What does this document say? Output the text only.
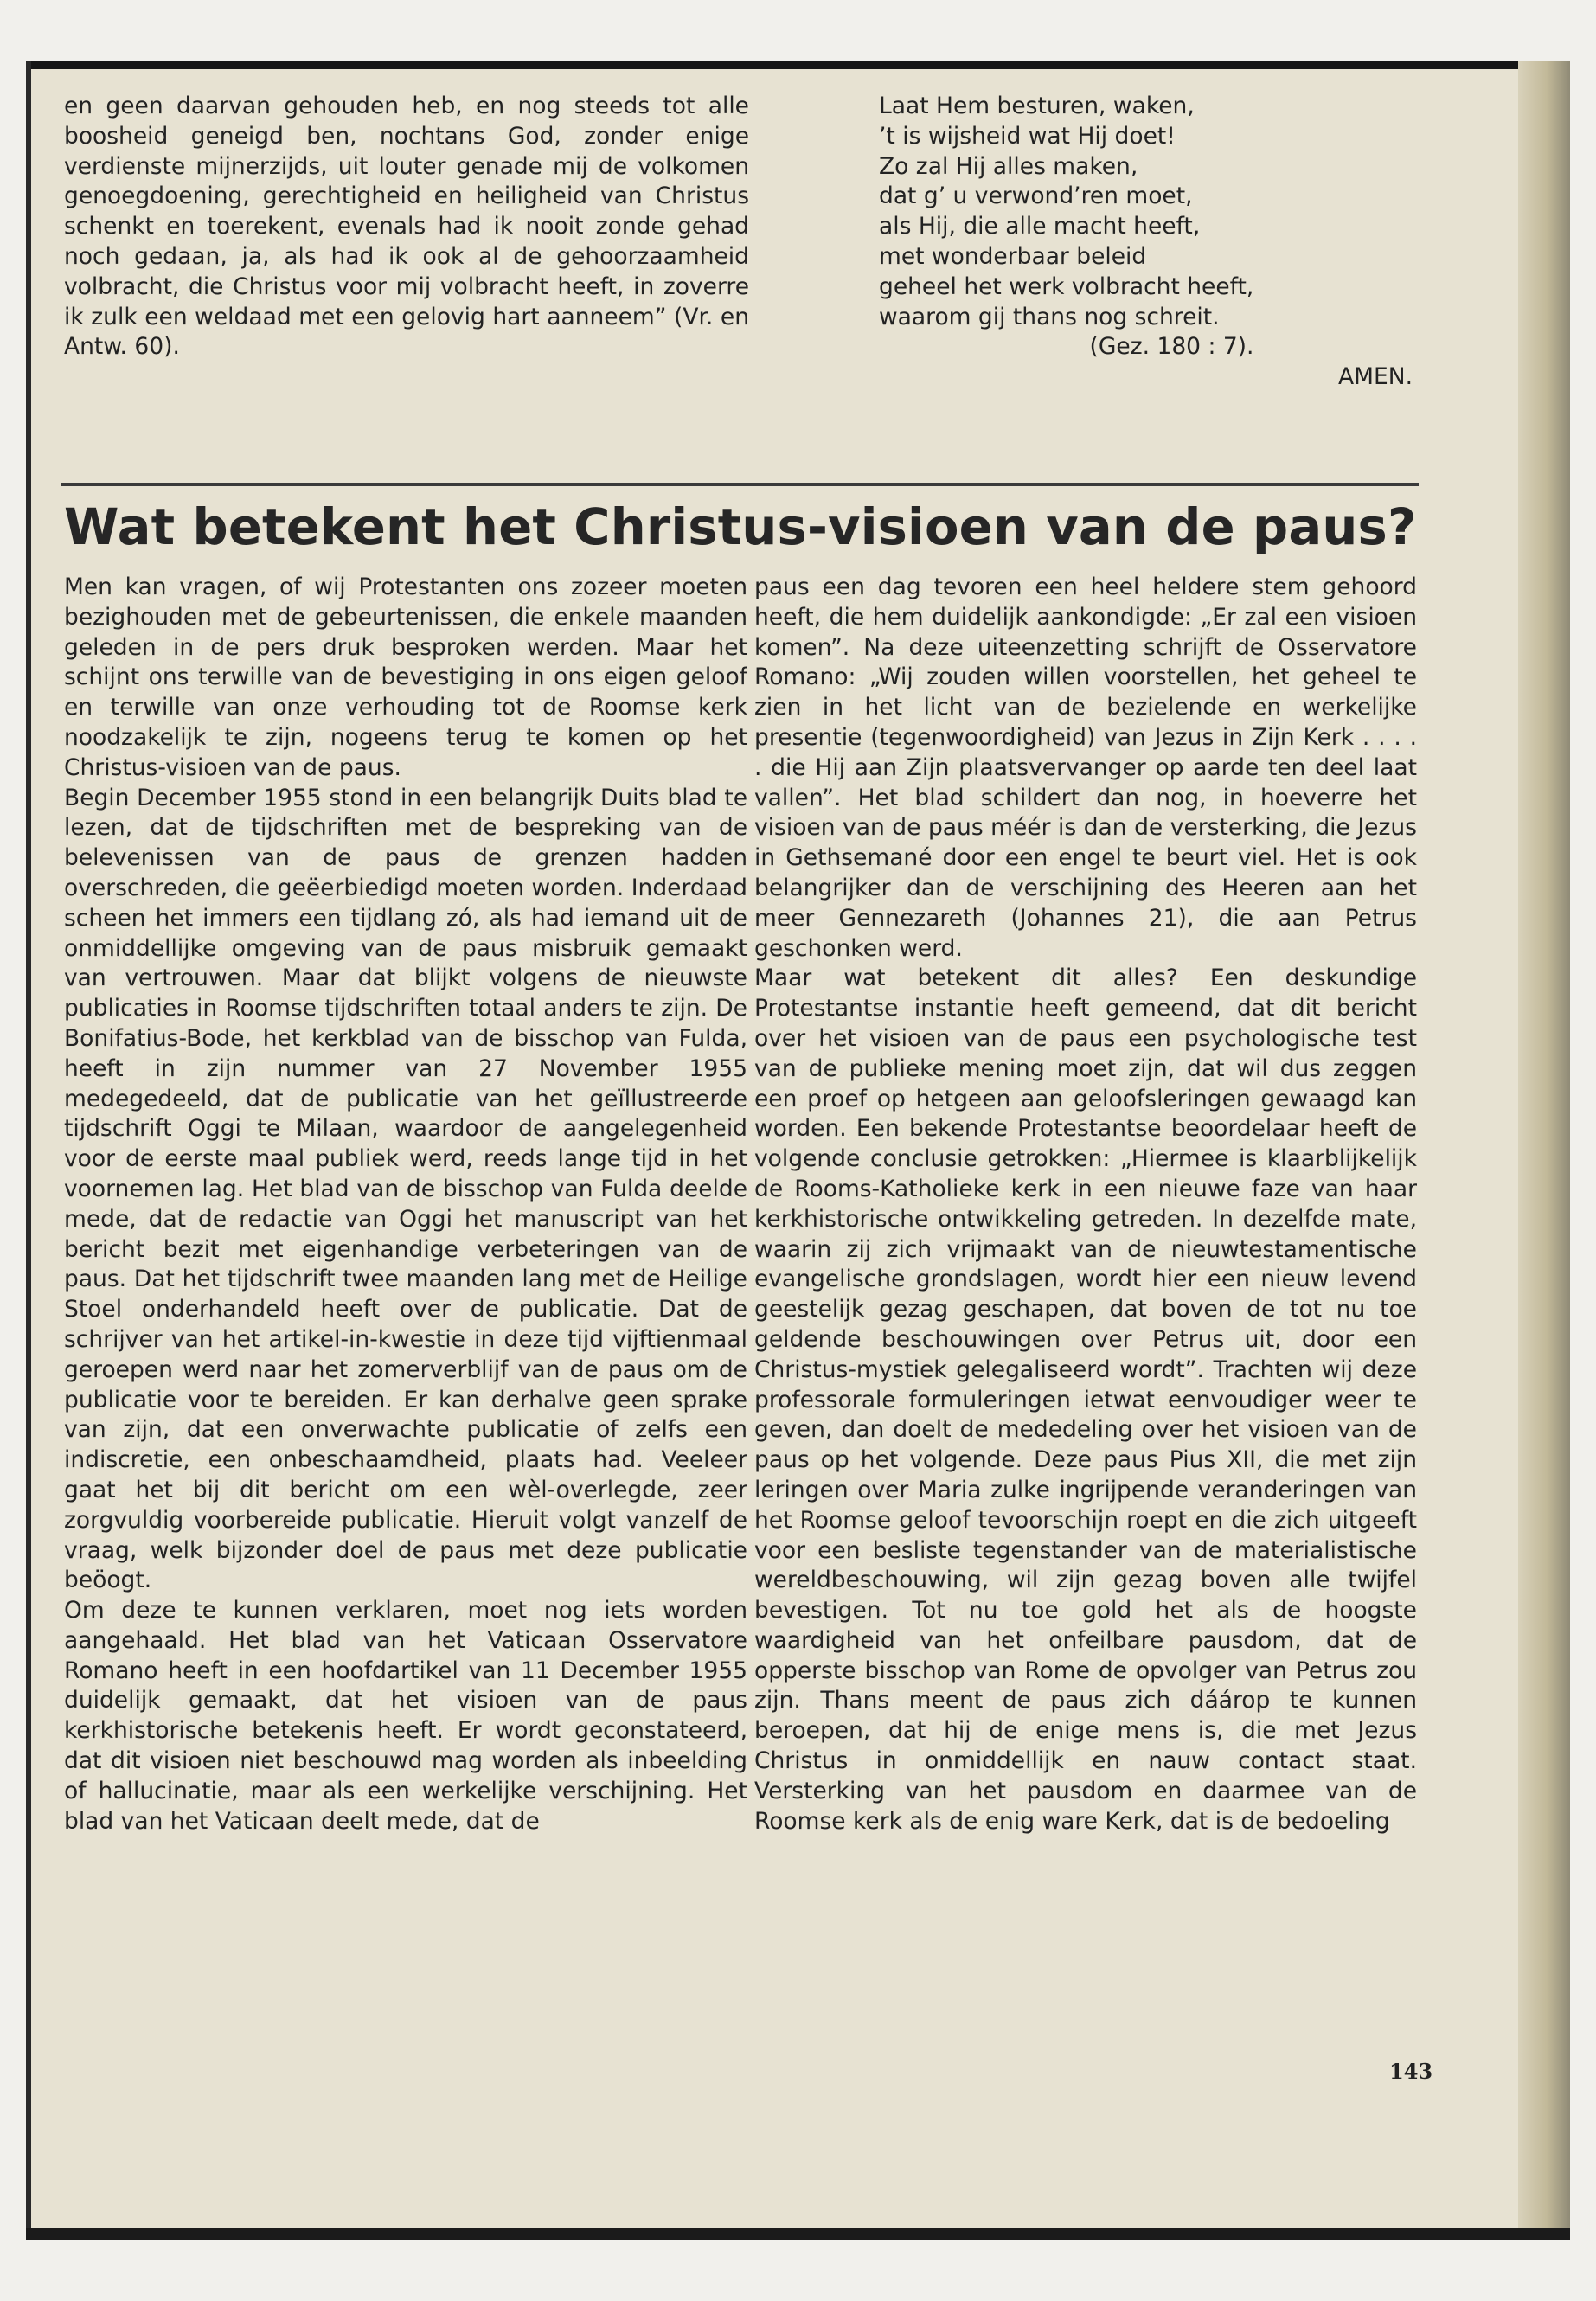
en geen daarvan gehouden heb, en nog steeds tot alle boosheid geneigd ben, nochtans God, zonder enige verdienste mijnerzijds, uit louter genade mij de volkomen genoegdoening, gerechtigheid en heiligheid van Christus schenkt en toerekent, evenals had ik nooit zonde gehad noch gedaan, ja, als had ik ook al de gehoorzaamheid volbracht, die Christus voor mij volbracht heeft, in zoverre ik zulk een weldaad met een gelovig hart aanneem” (Vr. en Antw. 60).

Laat Hem besturen, waken,
’t is wijsheid wat Hij doet!
Zo zal Hij alles maken,
dat g’ u verwond’ren moet,
als Hij, die alle macht heeft,
met wonderbaar beleid
geheel het werk volbracht heeft,
waarom gij thans nog schreit.
(Gez. 180 : 7).
AMEN.
Wat betekent het Christus-visioen van de paus?

Men kan vragen, of wij Protestanten ons zozeer moeten bezighouden met de gebeurtenissen, die enkele maanden geleden in de pers druk besproken werden. Maar het schijnt ons terwille van de bevestiging in ons eigen geloof en terwille van onze verhouding tot de Roomse kerk noodzakelijk te zijn, nogeens terug te komen op het Christus-visioen van de paus.

Begin December 1955 stond in een belangrijk Duits blad te lezen, dat de tijdschriften met de bespreking van de belevenissen van de paus de grenzen hadden overschreden, die geëerbiedigd moeten worden. Inderdaad scheen het immers een tijdlang zó, als had iemand uit de onmiddellijke omgeving van de paus misbruik gemaakt van vertrouwen. Maar dat blijkt volgens de nieuwste publicaties in Roomse tijdschriften totaal anders te zijn. De Bonifatius-Bode, het kerkblad van de bisschop van Fulda, heeft in zijn nummer van 27 November 1955 medegedeeld, dat de publicatie van het geïllustreerde tijdschrift Oggi te Milaan, waardoor de aangelegenheid voor de eerste maal publiek werd, reeds lange tijd in het voornemen lag. Het blad van de bisschop van Fulda deelde mede, dat de redactie van Oggi het manuscript van het bericht bezit met eigenhandige verbeteringen van de paus. Dat het tijdschrift twee maanden lang met de Heilige Stoel onderhandeld heeft over de publicatie. Dat de schrijver van het artikel-in-kwestie in deze tijd vijftienmaal geroepen werd naar het zomerverblijf van de paus om de publicatie voor te bereiden. Er kan derhalve geen sprake van zijn, dat een onverwachte publicatie of zelfs een indiscretie, een onbeschaamdheid, plaats had. Veeleer gaat het bij dit bericht om een wèl-overlegde, zeer zorgvuldig voorbereide publicatie. Hieruit volgt vanzelf de vraag, welk bijzonder doel de paus met deze publicatie beöogt.

Om deze te kunnen verklaren, moet nog iets worden aangehaald. Het blad van het Vaticaan Osservatore Romano heeft in een hoofdartikel van 11 December 1955 duidelijk gemaakt, dat het visioen van de paus kerkhistorische betekenis heeft. Er wordt geconstateerd, dat dit visioen niet beschouwd mag worden als inbeelding of hallucinatie, maar als een werkelijke verschijning. Het blad van het Vaticaan deelt mede, dat de

paus een dag tevoren een heel heldere stem gehoord heeft, die hem duidelijk aankondigde: „Er zal een visioen komen”. Na deze uiteenzetting schrijft de Osservatore Romano: „Wij zouden willen voorstellen, het geheel te zien in het licht van de bezielende en werkelijke presentie (tegenwoordigheid) van Jezus in Zijn Kerk . . . . . die Hij aan Zijn plaatsvervanger op aarde ten deel laat vallen”. Het blad schildert dan nog, in hoeverre het visioen van de paus méér is dan de versterking, die Jezus in Gethsemané door een engel te beurt viel. Het is ook belangrijker dan de verschijning des Heeren aan het meer Gennezareth (Johannes 21), die aan Petrus geschonken werd.

Maar wat betekent dit alles? Een deskundige Protestantse instantie heeft gemeend, dat dit bericht over het visioen van de paus een psychologische test van de publieke mening moet zijn, dat wil dus zeggen een proef op hetgeen aan geloofsleringen gewaagd kan worden. Een bekende Protestantse beoordelaar heeft de volgende conclusie getrokken: „Hiermee is klaarblijkelijk de Rooms-Katholieke kerk in een nieuwe faze van haar kerkhistorische ontwikkeling getreden. In dezelfde mate, waarin zij zich vrijmaakt van de nieuwtestamentische evangelische grondslagen, wordt hier een nieuw levend geestelijk gezag geschapen, dat boven de tot nu toe geldende beschouwingen over Petrus uit, door een Christus-mystiek gelegaliseerd wordt”. Trachten wij deze professorale formuleringen ietwat eenvoudiger weer te geven, dan doelt de mededeling over het visioen van de paus op het volgende. Deze paus Pius XII, die met zijn leringen over Maria zulke ingrijpende veranderingen van het Roomse geloof tevoorschijn roept en die zich uitgeeft voor een besliste tegenstander van de materialistische wereldbeschouwing, wil zijn gezag boven alle twijfel bevestigen. Tot nu toe gold het als de hoogste waardigheid van het onfeilbare pausdom, dat de opperste bisschop van Rome de opvolger van Petrus zou zijn. Thans meent de paus zich dáárop te kunnen beroepen, dat hij de enige mens is, die met Jezus Christus in onmiddellijk en nauw contact staat. Versterking van het pausdom en daarmee van de Roomse kerk als de enig ware Kerk, dat is de bedoeling

143
